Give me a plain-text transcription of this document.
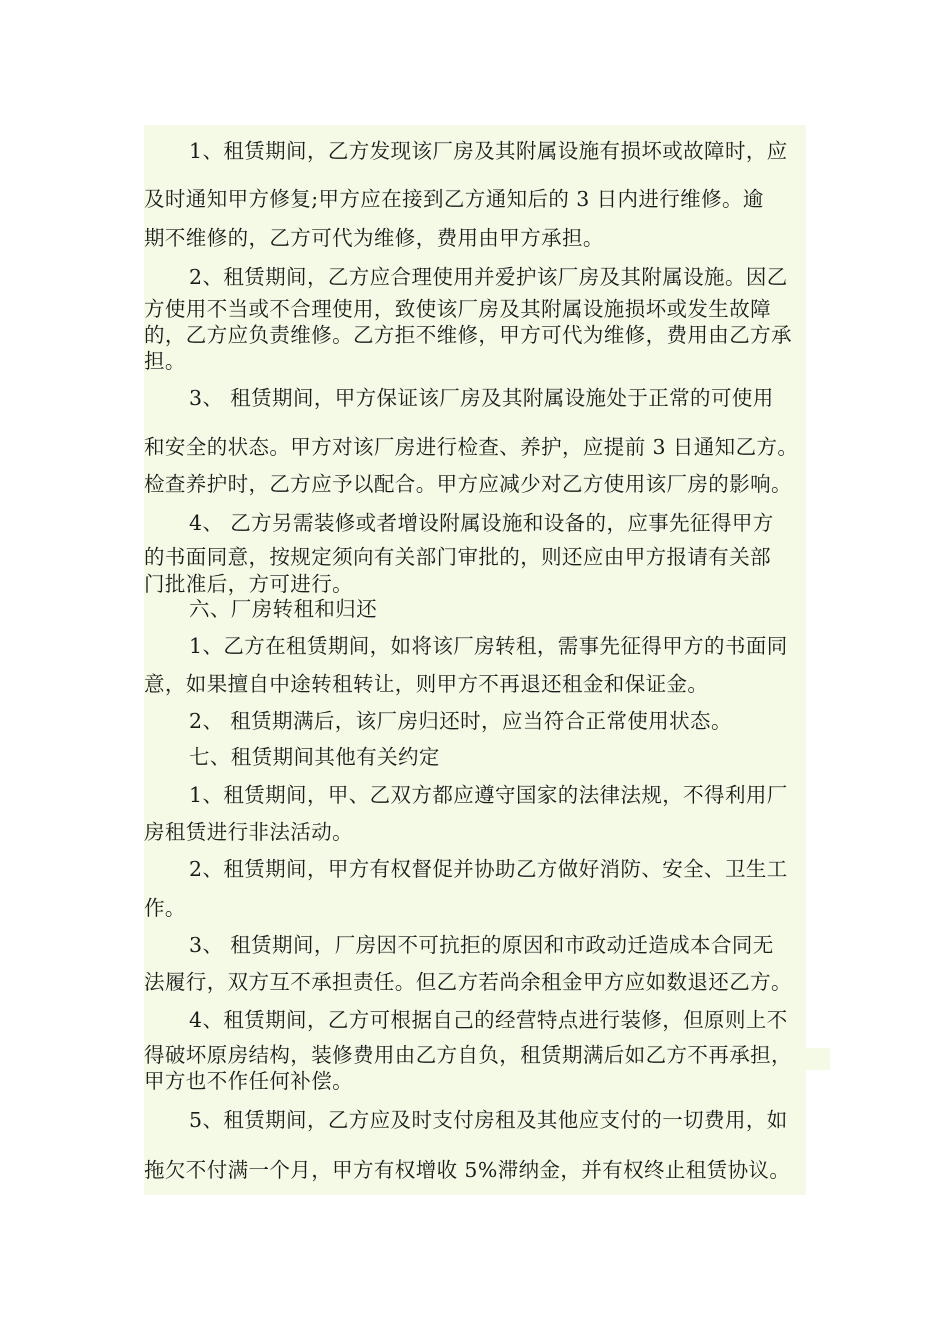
1、租赁期间，乙方发现该厂房及其附属设施有损坏或故障时，应
及时通知甲方修复;甲方应在接到乙方通知后的 3 日内进行维修。逾
期不维修的，乙方可代为维修，费用由甲方承担。
2、租赁期间，乙方应合理使用并爱护该厂房及其附属设施。因乙
方使用不当或不合理使用，致使该厂房及其附属设施损坏或发生故障
的，乙方应负责维修。乙方拒不维修，甲方可代为维修，费用由乙方承
担。
3、 租赁期间，甲方保证该厂房及其附属设施处于正常的可使用
和安全的状态。甲方对该厂房进行检查、养护，应提前 3 日通知乙方。
检查养护时，乙方应予以配合。甲方应减少对乙方使用该厂房的影响。
4、 乙方另需装修或者增设附属设施和设备的，应事先征得甲方
的书面同意，按规定须向有关部门审批的，则还应由甲方报请有关部
门批准后，方可进行。
六、厂房转租和归还
1、乙方在租赁期间，如将该厂房转租，需事先征得甲方的书面同
意，如果擅自中途转租转让，则甲方不再退还租金和保证金。
2、 租赁期满后，该厂房归还时，应当符合正常使用状态。
七、租赁期间其他有关约定
1、租赁期间，甲、乙双方都应遵守国家的法律法规，不得利用厂
房租赁进行非法活动。
2、租赁期间，甲方有权督促并协助乙方做好消防、安全、卫生工
作。
3、 租赁期间，厂房因不可抗拒的原因和市政动迁造成本合同无
法履行，双方互不承担责任。但乙方若尚余租金甲方应如数退还乙方。
4、租赁期间，乙方可根据自己的经营特点进行装修，但原则上不
得破坏原房结构，装修费用由乙方自负，租赁期满后如乙方不再承担，
甲方也不作任何补偿。
5、租赁期间，乙方应及时支付房租及其他应支付的一切费用，如
拖欠不付满一个月，甲方有权增收 5%滞纳金，并有权终止租赁协议。
